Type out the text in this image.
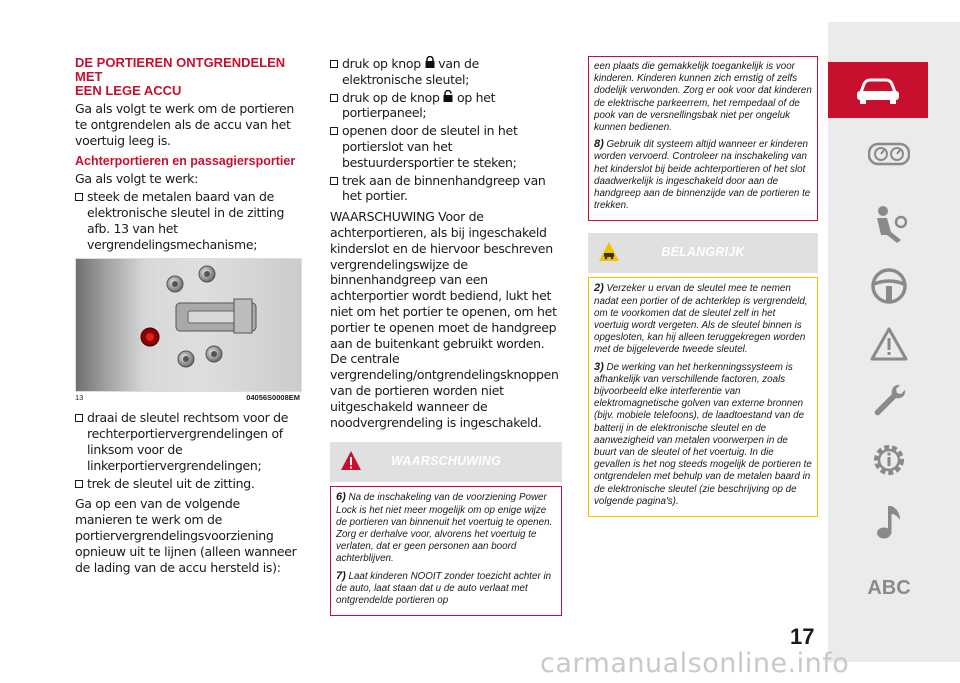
DE PORTIEREN ONTGRENDELEN MET
EEN LEGE ACCU

Ga als volgt te werk om de portieren te ontgrendelen als de accu van het voertuig leeg is.

Achterportieren en passagiersportier

Ga als volgt te werk:

steek de metalen baard van de elektronische sleutel in de zitting afb. 13 van het vergrendelingsmechanisme;

13	04056S0008EM

draai de sleutel rechtsom voor de rechterportiervergrendelingen of linksom voor de linkerportiervergrendelingen;

trek de sleutel uit de zitting.

Ga op een van de volgende manieren te werk om de portiervergrendelingsvoorziening opnieuw uit te lijnen (alleen wanneer de lading van de accu hersteld is):

druk op knop van de elektronische sleutel;

druk op de knop op het portierpaneel;

openen door de sleutel in het portierslot van het bestuurdersportier te steken;

trek aan de binnenhandgreep van het portier.

WAARSCHUWING Voor de achterportieren, als bij ingeschakeld kinderslot en de hiervoor beschreven vergrendelingswijze de binnenhandgreep van een achterportier wordt bediend, lukt het niet om het portier te openen, om het portier te openen moet de handgreep aan de buitenkant gebruikt worden. De centrale vergrendeling/ontgrendelingsknoppen van de portieren worden niet uitgeschakeld wanneer de noodvergrendeling is ingeschakeld.

WAARSCHUWING

6) Na de inschakeling van de voorziening Power Lock is het niet meer mogelijk om op enige wijze de portieren van binnenuit het voertuig te openen. Zorg er derhalve voor, alvorens het voertuig te verlaten, dat er geen personen aan boord achterblijven.

7) Laat kinderen NOOIT zonder toezicht achter in de auto, laat staan dat u de auto verlaat met ontgrendelde portieren op

een plaats die gemakkelijk toegankelijk is voor kinderen. Kinderen kunnen zich ernstig of zelfs dodelijk verwonden. Zorg er ook voor dat kinderen de elektrische parkeerrem, het rempedaal of de pook van de versnellingsbak niet per ongeluk kunnen bedienen.

8) Gebruik dit systeem altijd wanneer er kinderen worden vervoerd. Controleer na inschakeling van het kinderslot bij beide achterportieren of het slot daadwerkelijk is ingeschakeld door aan de handgreep aan de binnenzijde van de portieren te trekken.

BELANGRIJK

2) Verzeker u ervan de sleutel mee te nemen nadat een portier of de achterklep is vergrendeld, om te voorkomen dat de sleutel zelf in het voertuig wordt vergeten. Als de sleutel binnen is opgesloten, kan hij alleen teruggekregen worden met de bijgeleverde tweede sleutel.

3) De werking van het herkenningssysteem is afhankelijk van verschillende factoren, zoals bijvoorbeeld elke interferentie van elektromagnetische golven van externe bronnen (bijv. mobiele telefoons), de laadtoestand van de batterij in de elektronische sleutel en de aanwezigheid van metalen voorwerpen in de buurt van de sleutel of het voertuig. In die gevallen is het nog steeds mogelijk de portieren te ontgrendelen met behulp van de metalen baard in de elektronische sleutel (zie beschrijving op de volgende pagina's).

17
ABC
carmanualsonline.info
